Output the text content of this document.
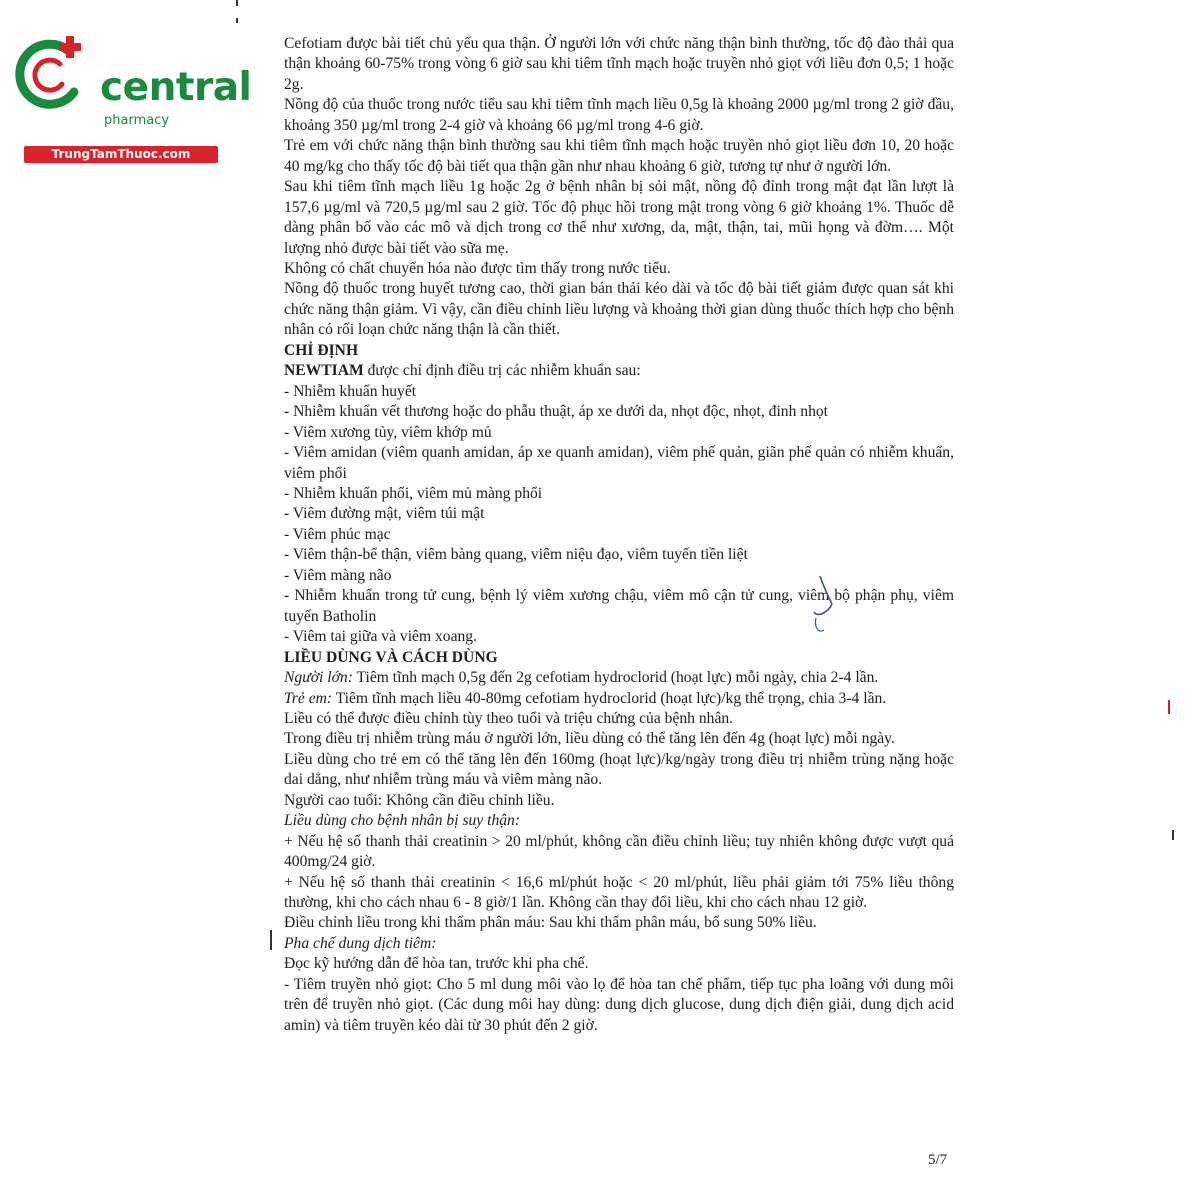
central
pharmacy
TrungTamThuoc.com

Cefotiam được bài tiết chủ yếu qua thận. Ở người lớn với chức năng thận bình thường, tốc độ đào thải qua thận khoảng 60-75% trong vòng 6 giờ sau khi tiêm tĩnh mạch hoặc truyền nhỏ giọt với liều đơn 0,5; 1 hoặc 2g.

Nồng độ của thuốc trong nước tiểu sau khi tiêm tĩnh mạch liều 0,5g là khoảng 2000 µg/ml trong 2 giờ đầu, khoảng 350 µg/ml trong 2-4 giờ và khoảng 66 µg/ml trong 4-6 giờ.

Trẻ em với chức năng thận bình thường sau khi tiêm tĩnh mạch hoặc truyền nhỏ giọt liều đơn 10, 20 hoặc 40 mg/kg cho thấy tốc độ bài tiết qua thận gần như nhau khoảng 6 giờ, tương tự như ở người lớn.

Sau khi tiêm tĩnh mạch liều 1g hoặc 2g ở bệnh nhân bị sỏi mật, nồng độ đỉnh trong mật đạt lần lượt là 157,6 µg/ml và 720,5 µg/ml sau 2 giờ. Tốc độ phục hồi trong mật trong vòng 6 giờ khoảng 1%. Thuốc dễ dàng phân bố vào các mô và dịch trong cơ thể như xương, da, mật, thận, tai, mũi họng và đờm…. Một lượng nhỏ được bài tiết vào sữa mẹ.

Không có chất chuyển hóa nào được tìm thấy trong nước tiểu.

Nồng độ thuốc trong huyết tương cao, thời gian bán thải kéo dài và tốc độ bài tiết giảm được quan sát khi chức năng thận giảm. Vì vậy, cần điều chỉnh liều lượng và khoảng thời gian dùng thuốc thích hợp cho bệnh nhân có rối loạn chức năng thận là cần thiết.

CHỈ ĐỊNH

NEWTIAM được chỉ định điều trị các nhiễm khuẩn sau:

- Nhiễm khuẩn huyết

- Nhiễm khuẩn vết thương hoặc do phẫu thuật, áp xe dưới da, nhọt độc, nhọt, đinh nhọt

- Viêm xương tủy, viêm khớp mủ

- Viêm amidan (viêm quanh amidan, áp xe quanh amidan), viêm phế quản, giãn phế quản có nhiễm khuẩn, viêm phổi

- Nhiễm khuẩn phổi, viêm mủ màng phổi

- Viêm đường mật, viêm túi mật

- Viêm phúc mạc

- Viêm thận-bể thận, viêm bàng quang, viêm niệu đạo, viêm tuyến tiền liệt

- Viêm màng não

- Nhiễm khuẩn trong tử cung, bệnh lý viêm xương chậu, viêm mô cận tử cung, viêm bộ phận phụ, viêm tuyến Batholin

- Viêm tai giữa và viêm xoang.

LIỀU DÙNG VÀ CÁCH DÙNG

Người lớn: Tiêm tĩnh mạch 0,5g đến 2g cefotiam hydroclorid (hoạt lực) mỗi ngày, chia 2-4 lần.

Trẻ em: Tiêm tĩnh mạch liều 40-80mg cefotiam hydroclorid (hoạt lực)/kg thể trọng, chia 3-4 lần.

Liều có thể được điều chỉnh tùy theo tuổi và triệu chứng của bệnh nhân.

Trong điều trị nhiễm trùng máu ở người lớn, liều dùng có thể tăng lên đến 4g (hoạt lực) mỗi ngày.

Liều dùng cho trẻ em có thể tăng lên đến 160mg (hoạt lực)/kg/ngày trong điều trị nhiễm trùng nặng hoặc dai dẳng, như nhiễm trùng máu và viêm màng não.

Người cao tuổi: Không cần điều chỉnh liều.

Liều dùng cho bệnh nhân bị suy thận:

+ Nếu hệ số thanh thải creatinin > 20 ml/phút, không cần điều chỉnh liều; tuy nhiên không được vượt quá 400mg/24 giờ.

+ Nếu hệ số thanh thải creatinin < 16,6 ml/phút hoặc < 20 ml/phút, liều phải giảm tới 75% liều thông thường, khi cho cách nhau 6 - 8 giờ/1 lần. Không cần thay đổi liều, khi cho cách nhau 12 giờ.

Điều chỉnh liều trong khi thẩm phân máu: Sau khi thẩm phân máu, bổ sung 50% liều.

Pha chế dung dịch tiêm:

Đọc kỹ hướng dẫn để hòa tan, trước khi pha chế.

- Tiêm truyền nhỏ giọt: Cho 5 ml dung môi vào lọ để hòa tan chế phẩm, tiếp tục pha loãng với dung môi trên để truyền nhỏ giọt. (Các dung môi hay dùng: dung dịch glucose, dung dịch điện giải, dung dịch acid amin) và tiêm truyền kéo dài từ 30 phút đến 2 giờ.

5/7
